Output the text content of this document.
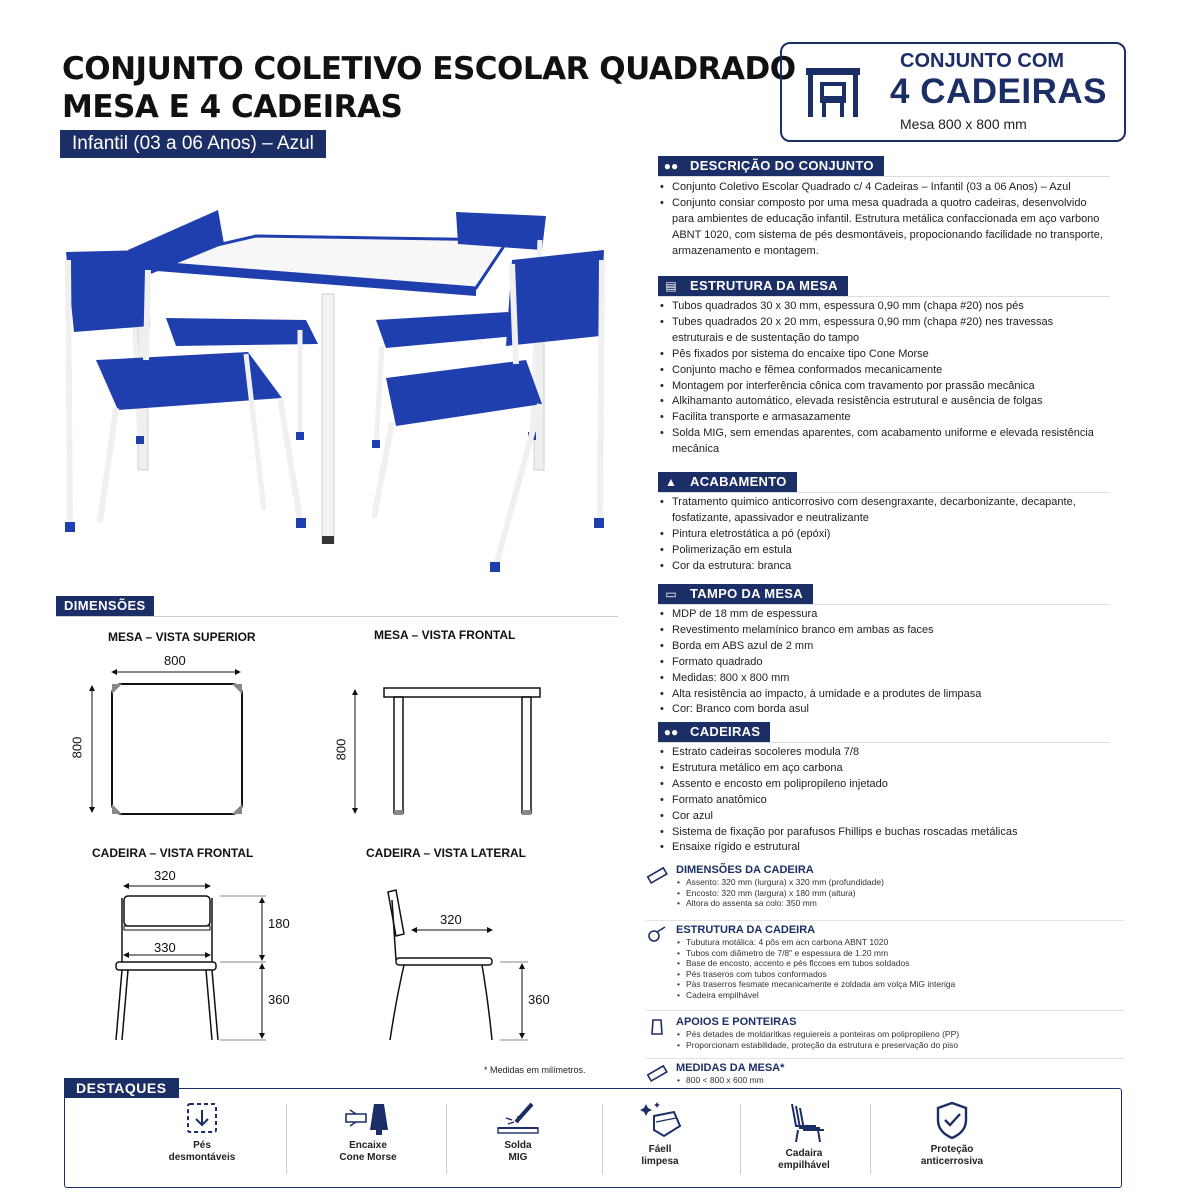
CONJUNTO COLETIVO ESCOLAR QUADRADO
MESA E 4 CADEIRAS
Infantil (03 a 06 Anos) – Azul
CONJUNTO COM
4 CADEIRAS
Mesa 800 x 800 mm
●● DESCRIÇÃO DO CONJUNTO
• Conjunto Coletivo Escolar Quadrado c/ 4 Cadeiras – Infantil (03 a 06 Anos) – Azul
• Conjunto consiar composto por uma mesa quadrada a quotro cadeiras, desenvolvido para ambientes de educação infantil. Estrutura metálica confaccionada em aço varbono ABNT 1020, com sistema de pés desmontáveis, propocionando facilidade no transporte, armazenamento e montagem.
▤	ESTRUTURA DA MESA
• Tubos quadrados 30 x 30 mm, espessura 0,90 mm (chapa #20) nos pés
• Tubes quadrados 20 x 20 mm, espessura 0,90 mm (chapa #20) nes travessas estruturais e de sustentação do tampo
• Pês fixados por sistema do encaixe tipo Cone Morse
• Conjunto macho e fêmea conformados mecanicamente
• Montagem por interferência cônica com travamento por prassão mecânica
• Alkihamanto automático, elevada resistência estrutural e ausência de folgas
• Facilita transporte e armasazamente
• Solda MIG, sem emendas aparentes, com acabamento uniforme e elevada resistência mecânica
▲	ACABAMENTO
• Tratamento quimico anticorrosivo com desengraxante, decarbonizante, decapante, fosfatizante, apassivador e neutralizante
• Pintura eletrostática a pó (epóxi)
• Polimerização em estula
• Cor da estrutura: branca
▭	TAMPO DA MESA
• MDP de 18 mm de espessura
• Revestimento melamínico branco em ambas as faces
• Borda em ABS azul de 2 mm
• Formato quadrado
• Medidas: 800 x 800 mm
• Alta resistência ao impacto, à umidade e a produtes de limpasa
• Cor: Branco com borda asul
●● CADEIRAS
• Estrato cadeiras socoleres modula 7/8
• Estrutura metálico em aço carbona
• Assento e encosto em polipropileno injetado
• Formato anatômico
• Cor azul
• Sistema de fixação por parafusos Fhillips e buchas roscadas metálicas
• Ensaixe rígido e estrutural
DIMENSÕES DA CADEIRA
• Assento: 320 mm (lurgura) x 320 mm (profundidade)
• Encosto: 320 mm (largura) x 180 mm (altura)
• Altora do assenta sa colo: 350 mm
ESTRUTURA DA CADEIRA
• Tubutura motálica: 4 pôs em acn carbona ABNT 1020
• Tubos com diâmetro de 7/8" e espessura de 1.20 mm
• Base de encosto, accento e pés flccoes em tubos soldados
• Pés traseros com tubos conformados
• Pàs traserros fesmate mecanicamente e zoldada am volça MiG interiga
• Cadeira empilhável
APOIOS E PONTEIRAS
• Pés detades de moldaritkas reguiereis a ponteiras om polipropileno (PP)
• Proporcionam estabilidade, proteção da estrutura e preservação do piso
MEDIDAS DA MESA*
• 800 < 800 x 600 mm
DIMENSÕES
MESA – VISTA SUPERIOR	MESA – VISTA FRONTAL
CADEIRA – VISTA FRONTAL	CADEIRA – VISTA LATERAL
800
800	800
320
330
180
360
320
360
* Medidas em milímetros.
DESTAQUES
Pés
desmontáveis
Encaixe
Cone Morse
Solda
MIG
Fáell
limpesa
Cadaira
empilhável
Proteção
anticerrosiva
